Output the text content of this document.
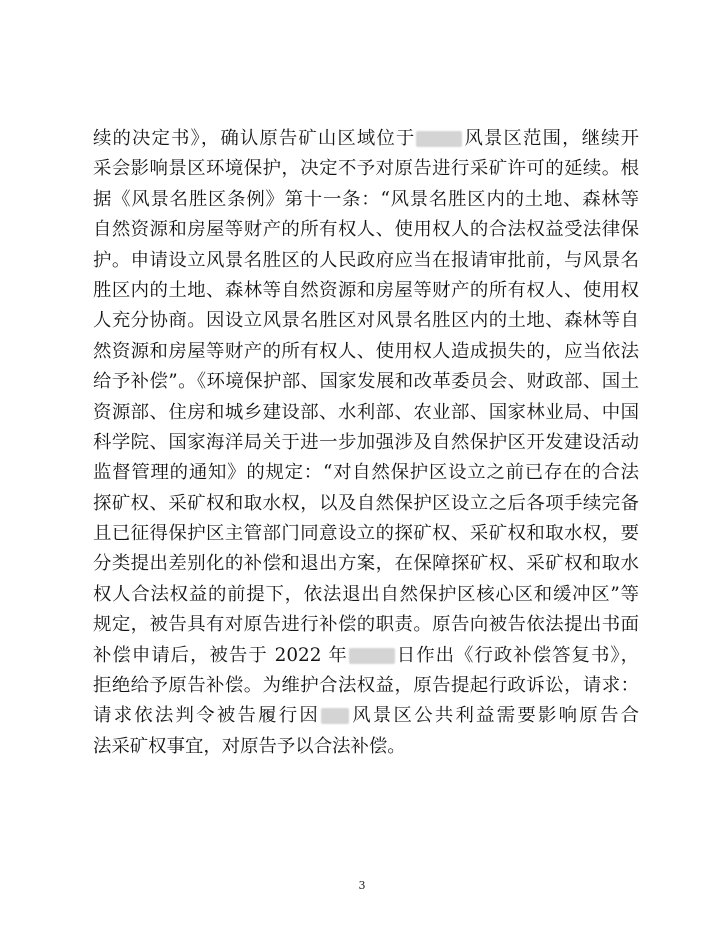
续的决定书》，确认原告矿山区域位于	风景区范围，继续开
采会影响景区环境保护，决定不予对原告进行采矿许可的延续。根
据《风景名胜区条例》第十一条：“风景名胜区内的土地、森林等
自然资源和房屋等财产的所有权人、使用权人的合法权益受法律保
护。申请设立风景名胜区的人民政府应当在报请审批前，与风景名
胜区内的土地、森林等自然资源和房屋等财产的所有权人、使用权
人充分协商。因设立风景名胜区对风景名胜区内的土地、森林等自
然资源和房屋等财产的所有权人、使用权人造成损失的，应当依法
给予补偿”。《环境保护部、国家发展和改革委员会、财政部、国土
资源部、住房和城乡建设部、水利部、农业部、国家林业局、中国
科学院、国家海洋局关于进一步加强涉及自然保护区开发建设活动
监督管理的通知》的规定：“对自然保护区设立之前已存在的合法
探矿权、采矿权和取水权，以及自然保护区设立之后各项手续完备
且已征得保护区主管部门同意设立的探矿权、采矿权和取水权，要
分类提出差别化的补偿和退出方案，在保障探矿权、采矿权和取水
权人合法权益的前提下，依法退出自然保护区核心区和缓冲区”等
规定，被告具有对原告进行补偿的职责。原告向被告依法提出书面
补偿申请后，被告于 2022 年	日作出《行政补偿答复书》，
拒绝给予原告补偿。为维护合法权益，原告提起行政诉讼，请求：
请求依法判令被告履行因 风景区公共利益需要影响原告合
法采矿权事宜，对原告予以合法补偿。
3
